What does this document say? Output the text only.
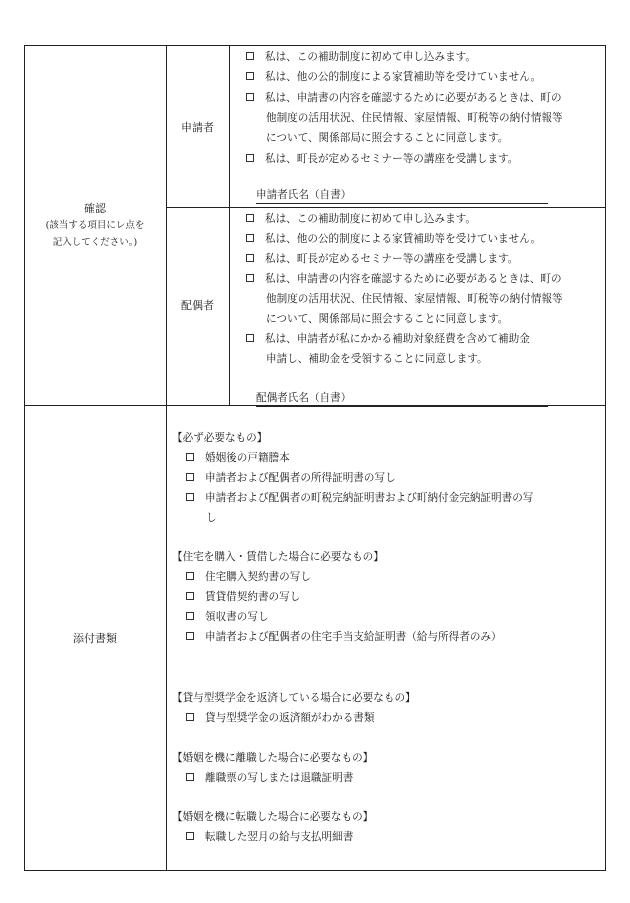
確認
(該当する項目にレ点を
記入してください。)
申請者
私は、この補助制度に初めて申し込みます。
私は、他の公的制度による家賃補助等を受けていません。
私は、申請書の内容を確認するために必要があるときは、町の
他制度の活用状況、住民情報、家屋情報、町税等の納付情報等
について、関係部局に照会することに同意します。
私は、町長が定めるセミナー等の講座を受講します。
申請者氏名（自書）
配偶者
私は、この補助制度に初めて申し込みます。
私は、他の公的制度による家賃補助等を受けていません。
私は、町長が定めるセミナー等の講座を受講します。
私は、申請書の内容を確認するために必要があるときは、町の
他制度の活用状況、住民情報、家屋情報、町税等の納付情報等
について、関係部局に照会することに同意します。
私は、申請者が私にかかる補助対象経費を含めて補助金
申請し、補助金を受領することに同意します。
配偶者氏名（自書）
添付書類
【必ず必要なもの】
婚姻後の戸籍謄本
申請者および配偶者の所得証明書の写し
申請者および配偶者の町税完納証明書および町納付金完納証明書の写
し
【住宅を購入・賃借した場合に必要なもの】
住宅購入契約書の写し
賃貸借契約書の写し
領収書の写し
申請者および配偶者の住宅手当支給証明書（給与所得者のみ）
【貸与型奨学金を返済している場合に必要なもの】
貸与型奨学金の返済額がわかる書類
【婚姻を機に離職した場合に必要なもの】
離職票の写しまたは退職証明書
【婚姻を機に転職した場合に必要なもの】
転職した翌月の給与支払明細書
